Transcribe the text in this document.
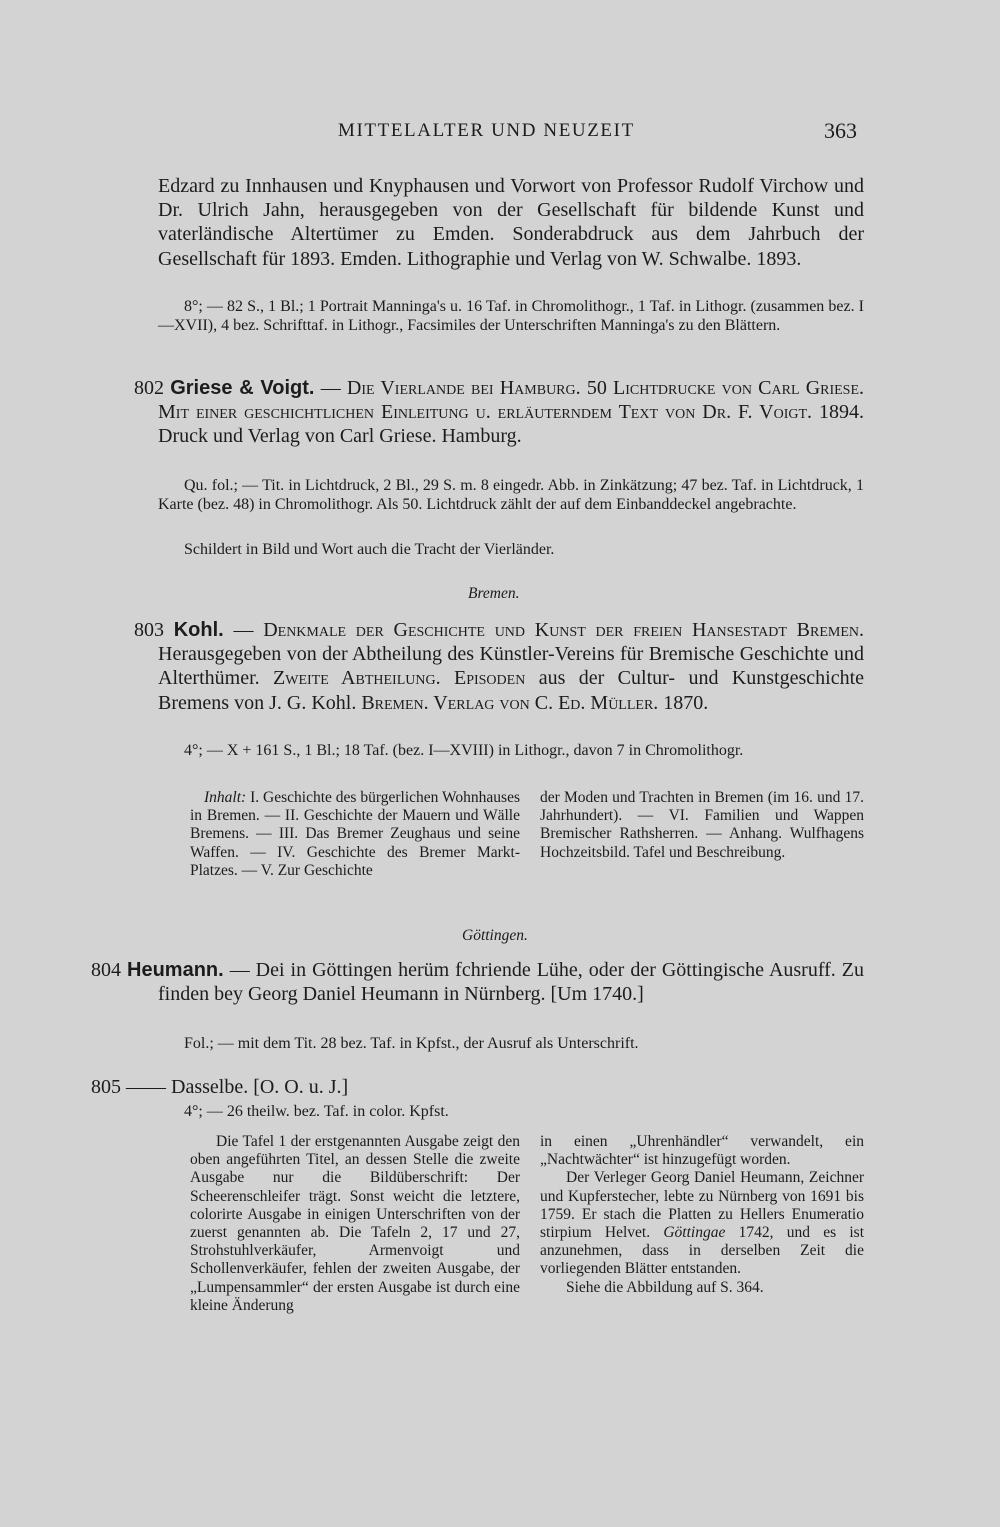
MITTELALTER UND NEUZEIT	363

Edzard zu Innhausen und Knyphausen und Vorwort von Professor Rudolf Virchow und Dr. Ulrich Jahn, herausgegeben von der Gesellschaft für bildende Kunst und vaterländische Altertümer zu Emden. Sonderabdruck aus dem Jahrbuch der Gesellschaft für 1893. Emden. Lithographie und Verlag von W. Schwalbe. 1893.

8°; — 82 S., 1 Bl.; 1 Portrait Manninga's u. 16 Taf. in Chromolithogr., 1 Taf. in Lithogr. (zusammen bez. I—XVII), 4 bez. Schrifttaf. in Lithogr., Facsimiles der Unterschriften Manninga's zu den Blättern.

802 Griese & Voigt. — Die Vierlande bei Hamburg. 50 Lichtdrucke von Carl Griese. Mit einer geschichtlichen Einleitung u. erläuterndem Text von Dr. F. Voigt. 1894. Druck und Verlag von Carl Griese. Hamburg.

Qu. fol.; — Tit. in Lichtdruck, 2 Bl., 29 S. m. 8 eingedr. Abb. in Zinkätzung; 47 bez. Taf. in Lichtdruck, 1 Karte (bez. 48) in Chromolithogr. Als 50. Lichtdruck zählt der auf dem Einbanddeckel angebrachte.

Schildert in Bild und Wort auch die Tracht der Vierländer.

Bremen.

803 Kohl. — Denkmale der Geschichte und Kunst der freien Hansestadt Bremen. Herausgegeben von der Abtheilung des Künstler-Vereins für Bremische Geschichte und Alterthümer. Zweite Abtheilung. Episoden aus der Cultur- und Kunstgeschichte Bremens von J. G. Kohl. Bremen. Verlag von C. Ed. Müller. 1870.

4°; — X + 161 S., 1 Bl.; 18 Taf. (bez. I—XVIII) in Lithogr., davon 7 in Chromolithogr.

Inhalt: I. Geschichte des bürgerlichen Wohnhauses in Bremen. — II. Geschichte der Mauern und Wälle Bremens. — III. Das Bremer Zeughaus und seine Waffen. — IV. Geschichte des Bremer Markt-Platzes. — V. Zur Geschichte

der Moden und Trachten in Bremen (im 16. und 17. Jahrhundert). — VI. Familien und Wappen Bremischer Rathsherren. — Anhang. Wulfhagens Hochzeitsbild. Tafel und Beschreibung.

Göttingen.

804 Heumann. — Dei in Göttingen herüm fchriende Lühe, oder der Göttingische Ausruff. Zu finden bey Georg Daniel Heumann in Nürnberg. [Um 1740.]

Fol.; — mit dem Tit. 28 bez. Taf. in Kpfst., der Ausruf als Unterschrift.

805 —— Dasselbe. [O. O. u. J.]

4°; — 26 theilw. bez. Taf. in color. Kpfst.

Die Tafel 1 der erstgenannten Ausgabe zeigt den oben angeführten Titel, an dessen Stelle die zweite Ausgabe nur die Bildüberschrift: Der Scheerenschleifer trägt. Sonst weicht die letztere, colorirte Ausgabe in einigen Unterschriften von der zuerst genannten ab. Die Tafeln 2, 17 und 27, Strohstuhlverkäufer, Armenvoigt und Schollenverkäufer, fehlen der zweiten Ausgabe, der „Lumpensammler“ der ersten Ausgabe ist durch eine kleine Änderung

in einen „Uhrenhändler“ verwandelt, ein „Nachtwächter“ ist hinzugefügt worden.

Der Verleger Georg Daniel Heumann, Zeichner und Kupferstecher, lebte zu Nürnberg von 1691 bis 1759. Er stach die Platten zu Hellers Enumeratio stirpium Helvet. Göttingae 1742, und es ist anzunehmen, dass in derselben Zeit die vorliegenden Blätter entstanden.

Siehe die Abbildung auf S. 364.
